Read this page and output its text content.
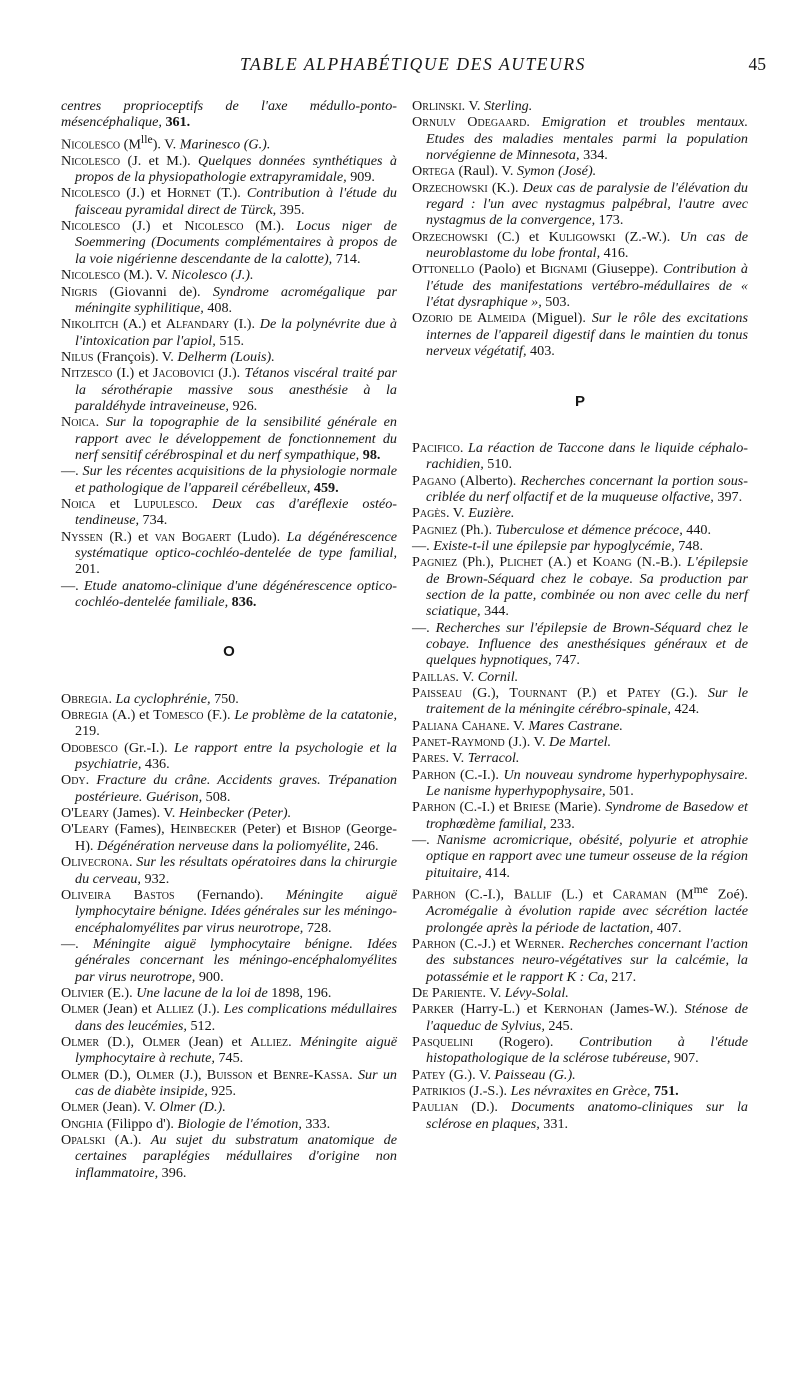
TABLE ALPHABÉTIQUE DES AUTEURS	45
centres proprioceptifs de l'axe médullo-ponto-mésencéphalique, 361.
Nicolesco $(M^{lle})$. V. Marinesco (G.).
Nicolesco (J. et M.). Quelques données synthétiques à propos de la physiopathologie extrapyramidale, 909.
Nicolesco (J.) et Hornet (T.). Contribution à l'étude du faisceau pyramidal direct de Türck, 395.
Nicolesco (J.) et Nicolesco (M.). Locus niger de Soemmering (Documents complémentaires à propos de la voie nigérienne descendante de la calotte), 714.
Nicolesco (M.). V. Nicolesco (J.).
Nigris (Giovanni de). Syndrome acromégalique par méningite syphilitique, 408.
Nikolitch (A.) et Alfandary (I.). De la polynévrite due à l'intoxication par l'apiol, 515.
Nilus (François). V. Delherm (Louis).
Nitzesco (I.) et Jacobovici (J.). Tétanos viscéral traité par la sérothérapie massive sous anesthésie à la paraldéhyde intraveineuse, 926.
Noica. Sur la topographie de la sensibilité générale en rapport avec le développement de fonctionnement du nerf sensitif cérébrospinal et du nerf sympathique, 98.
—. Sur les récentes acquisitions de la physiologie normale et pathologique de l'appareil cérébelleux, 459.
Noica et Lupulesco. Deux cas d'aréflexie ostéo-tendineuse, 734.
Nyssen (R.) et van Bogaert (Ludo). La dégénérescence systématique optico-cochléo-dentelée de type familial, 201.
—. Etude anatomo-clinique d'une dégénérescence optico-cochléo-dentelée familiale, 836.
O
Obregia. La cyclophrénie, 750.
Obregia (A.) et Tomesco (F.). Le problème de la catatonie, 219.
Odobesco (Gr.-I.). Le rapport entre la psychologie et la psychiatrie, 436.
Ody. Fracture du crâne. Accidents graves. Trépanation postérieure. Guérison, 508.
O'Leary (James). V. Heinbecker (Peter).
O'Leary (Fames), Heinbecker (Peter) et Bishop (George-H). Dégénération nerveuse dans la poliomyélite, 246.
Olivecrona. Sur les résultats opératoires dans la chirurgie du cerveau, 932.
Oliveira Bastos (Fernando). Méningite aiguë lymphocytaire bénigne. Idées générales sur les méningo-encéphalomyélites par virus neurotrope, 728.
—. Méningite aiguë lymphocytaire bénigne. Idées générales concernant les méningo-encéphalomyélites par virus neurotrope, 900.
Olivier (E.). Une lacune de la loi de 1898, 196.
Olmer (Jean) et Alliez (J.). Les complications médullaires dans des leucémies, 512.
Olmer (D.), Olmer (Jean) et Alliez. Méningite aiguë lymphocytaire à rechute, 745.
Olmer (D.), Olmer (J.), Buisson et Benre-Kassa. Sur un cas de diabète insipide, 925.
Olmer (Jean). V. Olmer (D.).
Onghia (Filippo d'). Biologie de l'émotion, 333.
Opalski (A.). Au sujet du substratum anatomique de certaines paraplégies médullaires d'origine non inflammatoire, 396.
Orlinski. V. Sterling.
Ornulv Odegaard. Emigration et troubles mentaux. Etudes des maladies mentales parmi la population norvégienne de Minnesota, 334.
Ortega (Raul). V. Symon (José).
Orzechowski (K.). Deux cas de paralysie de l'élévation du regard : l'un avec nystagmus palpébral, l'autre avec nystagmus de la convergence, 173.
Orzechowski (C.) et Kuligowski (Z.-W.). Un cas de neuroblastome du lobe frontal, 416.
Ottonello (Paolo) et Bignami (Giuseppe). Contribution à l'étude des manifestations vertébro-médullaires de « l'état dysraphique », 503.
Ozorio de Almeida (Miguel). Sur le rôle des excitations internes de l'appareil digestif dans le maintien du tonus nerveux végétatif, 403.
P
Pacifico. La réaction de Taccone dans le liquide céphalo-rachidien, 510.
Pagano (Alberto). Recherches concernant la portion sous-criblée du nerf olfactif et de la muqueuse olfactive, 397.
Pagès. V. Euzière.
Pagniez (Ph.). Tuberculose et démence précoce, 440.
—. Existe-t-il une épilepsie par hypoglycémie, 748.
Pagniez (Ph.), Plichet (A.) et Koang (N.-B.). L'épilepsie de Brown-Séquard chez le cobaye. Sa production par section de la patte, combinée ou non avec celle du nerf sciatique, 344.
—. Recherches sur l'épilepsie de Brown-Séquard chez le cobaye. Influence des anesthésiques généraux et de quelques hypnotiques, 747.
Paillas. V. Cornil.
Paisseau (G.), Tournant (P.) et Patey (G.). Sur le traitement de la méningite cérébro-spinale, 424.
Paliana Cahane. V. Mares Castrane.
Panet-Raymond (J.). V. De Martel.
Pares. V. Terracol.
Parhon (C.-I.). Un nouveau syndrome hyperhypophysaire. Le nanisme hyperhypophysaire, 501.
Parhon (C.-I.) et Briese (Marie). Syndrome de Basedow et trophœdème familial, 233.
—. Nanisme acromicrique, obésité, polyurie et atrophie optique en rapport avec une tumeur osseuse de la région pituitaire, 414.
Parhon (C.-I.), Ballif (L.) et Caraman ($M^{me}$ Zoé). Acromégalie à évolution rapide avec sécrétion lactée prolongée après la période de lactation, 407.
Parhon (C.-J.) et Werner. Recherches concernant l'action des substances neuro-végétatives sur la calcémie, la potassémie et le rapport K : Ca, 217.
De Pariente. V. Lévy-Solal.
Parker (Harry-L.) et Kernohan (James-W.). Sténose de l'aqueduc de Sylvius, 245.
Pasquelini (Rogero). Contribution à l'étude histopathologique de la sclérose tubéreuse, 907.
Patey (G.). V. Paisseau (G.).
Patrikios (J.-S.). Les névraxites en Grèce, 751.
Paulian (D.). Documents anatomo-cliniques sur la sclérose en plaques, 331.
